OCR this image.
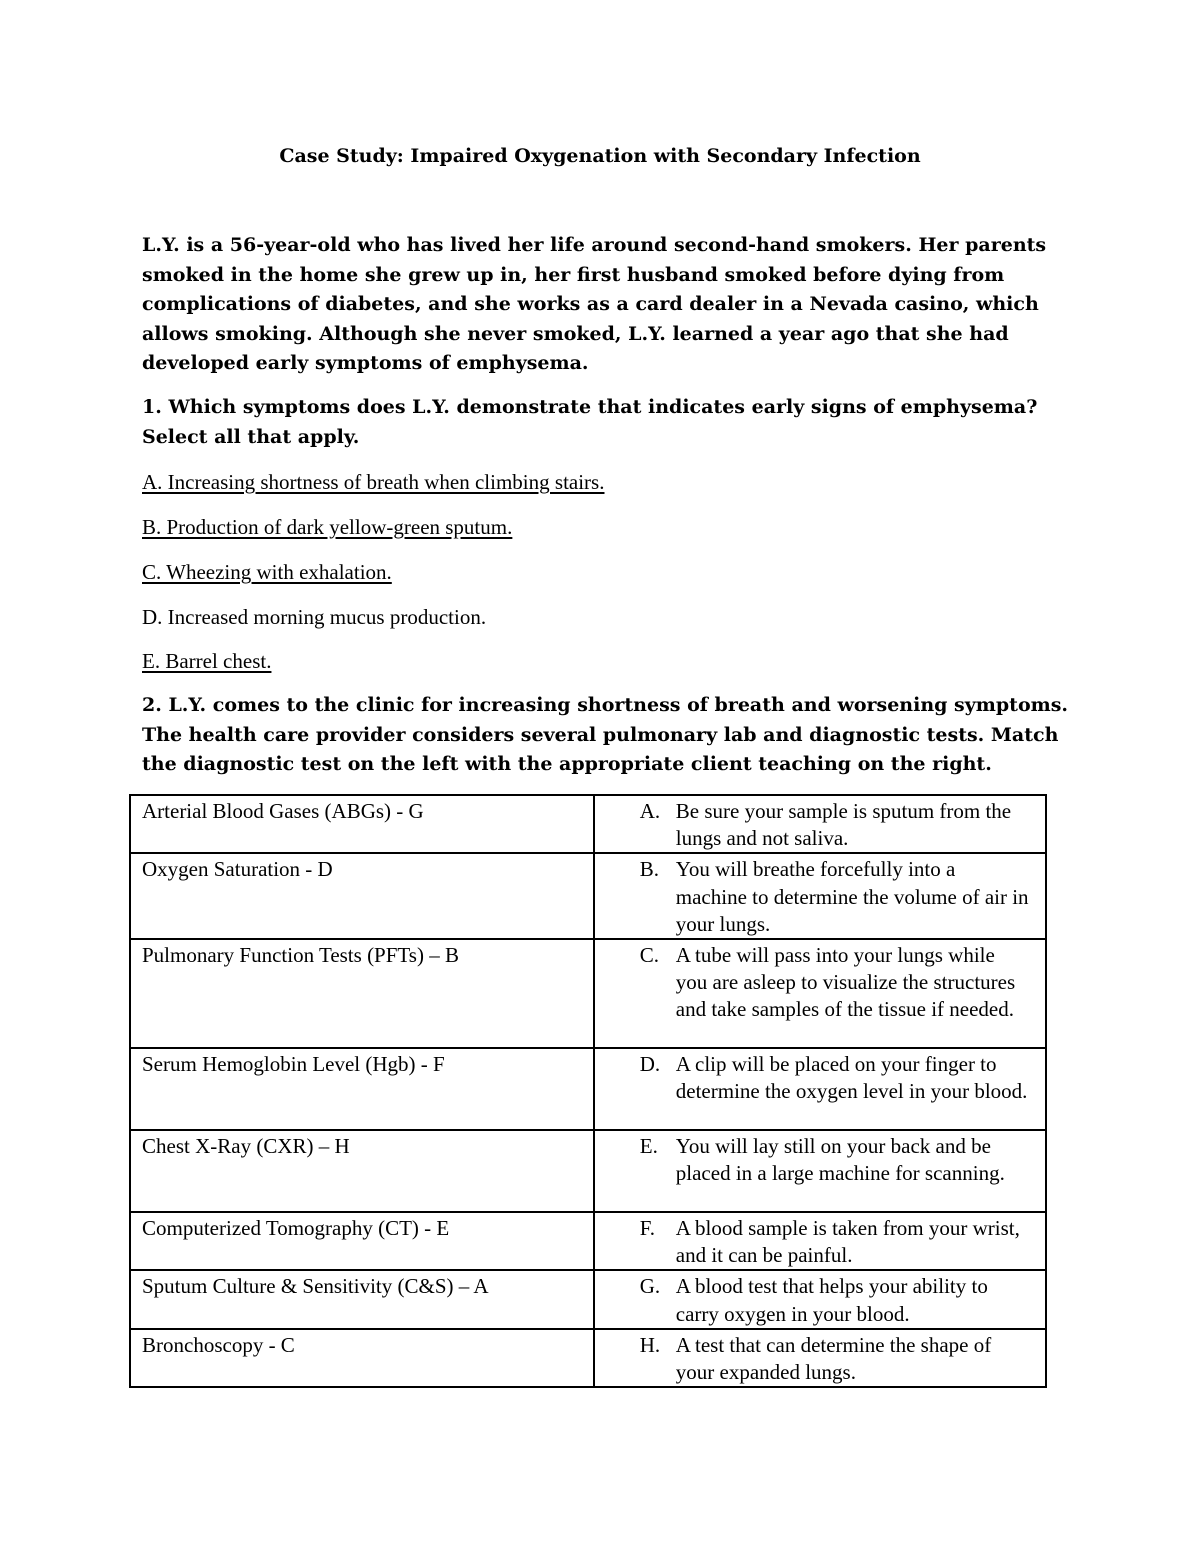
Case Study: Impaired Oxygenation with Secondary Infection

L.Y. is a 56-year-old who has lived her life around second-hand smokers. Her parents smoked in the home she grew up in, her first husband smoked before dying from complications of diabetes, and she works as a card dealer in a Nevada casino, which allows smoking. Although she never smoked, L.Y. learned a year ago that she had developed early symptoms of emphysema.

1. Which symptoms does L.Y. demonstrate that indicates early signs of emphysema? Select all that apply.

A. Increasing shortness of breath when climbing stairs.

B. Production of dark yellow-green sputum.

C. Wheezing with exhalation.

D. Increased morning mucus production.

E. Barrel chest.

2. L.Y. comes to the clinic for increasing shortness of breath and worsening symptoms. The health care provider considers several pulmonary lab and diagnostic tests. Match the diagnostic test on the left with the appropriate client teaching on the right.

Arterial Blood Gases (ABGs) - G	A. Be sure your sample is sputum from the lungs and not saliva.

Oxygen Saturation - D	B. You will breathe forcefully into a machine to determine the volume of air in your lungs.

Pulmonary Function Tests (PFTs) – B	C. A tube will pass into your lungs while you are asleep to visualize the structures and take samples of the tissue if needed.

Serum Hemoglobin Level (Hgb) - F	D. A clip will be placed on your finger to determine the oxygen level in your blood.

Chest X-Ray (CXR) – H	E. You will lay still on your back and be placed in a large machine for scanning.

Computerized Tomography (CT) - E	F. A blood sample is taken from your wrist, and it can be painful.

Sputum Culture & Sensitivity (C&S) – A	G. A blood test that helps your ability to carry oxygen in your blood.

Bronchoscopy - C	H. A test that can determine the shape of your expanded lungs.
